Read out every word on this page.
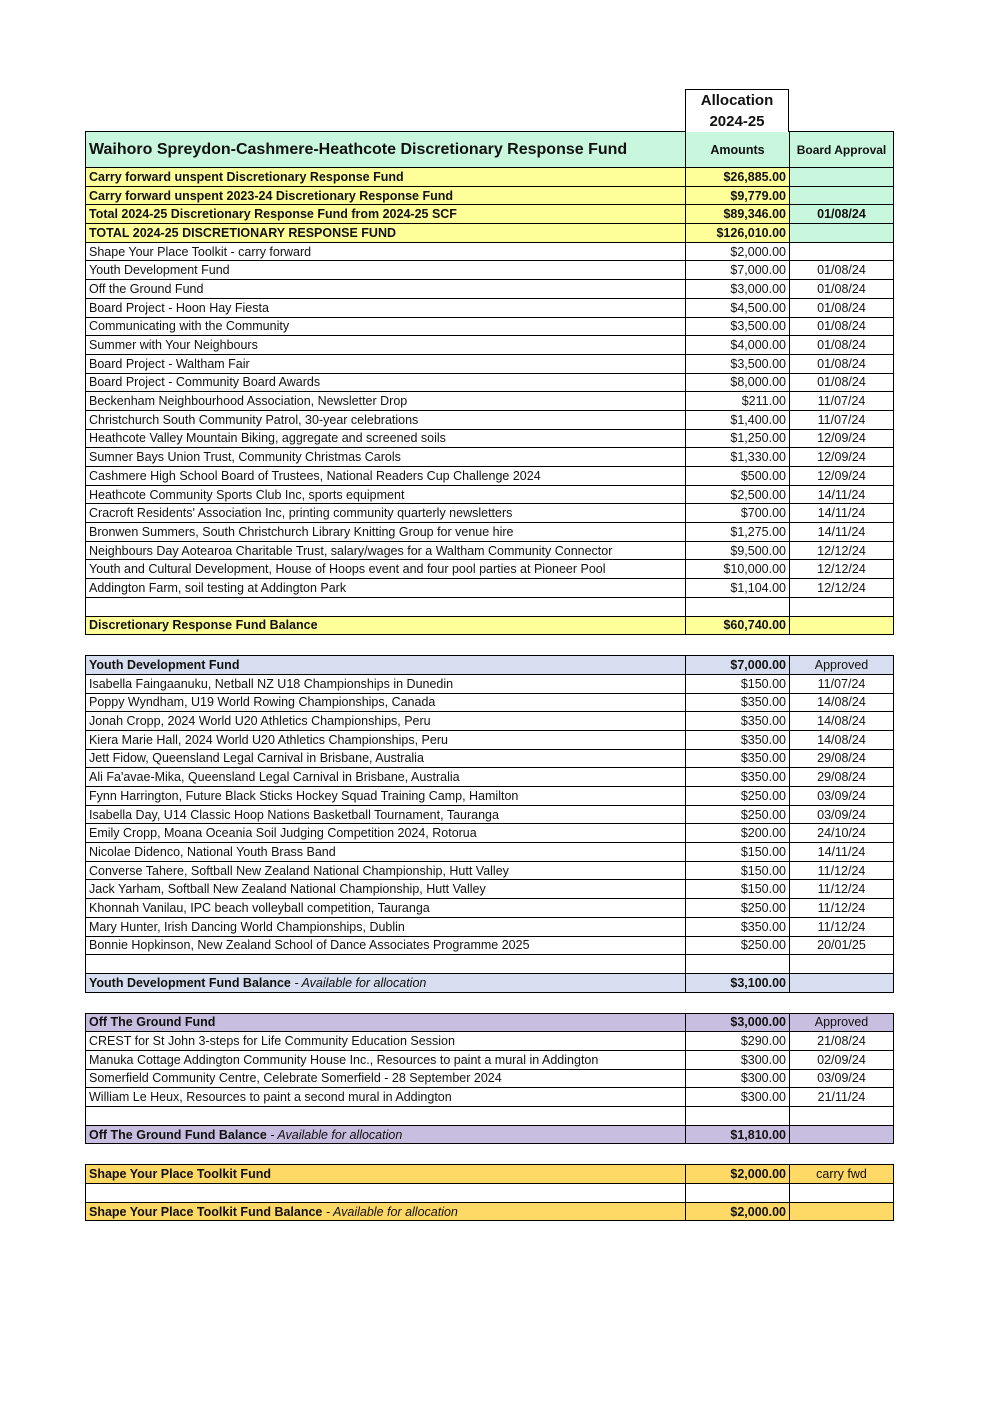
Allocation
2024-25
Waihoro Spreydon-Cashmere-Heathcote Discretionary Response Fund	Amounts	Board Approval
Carry forward unspent Discretionary Response Fund	$26,885.00	
Carry forward unspent 2023-24 Discretionary Response Fund	$9,779.00	
Total 2024-25 Discretionary Response Fund from 2024-25 SCF	$89,346.00	01/08/24
TOTAL 2024-25 DISCRETIONARY RESPONSE FUND	$126,010.00	
Shape Your Place Toolkit - carry forward	$2,000.00	
Youth Development Fund	$7,000.00	01/08/24
Off the Ground Fund	$3,000.00	01/08/24
Board Project - Hoon Hay Fiesta	$4,500.00	01/08/24
Communicating with the Community	$3,500.00	01/08/24
Summer with Your Neighbours	$4,000.00	01/08/24
Board Project - Waltham Fair	$3,500.00	01/08/24
Board Project - Community Board Awards	$8,000.00	01/08/24
Beckenham Neighbourhood Association, Newsletter Drop	$211.00	11/07/24
Christchurch South Community Patrol, 30-year celebrations	$1,400.00	11/07/24
Heathcote Valley Mountain Biking, aggregate and screened soils	$1,250.00	12/09/24
Sumner Bays Union Trust, Community Christmas Carols	$1,330.00	12/09/24
Cashmere High School Board of Trustees, National Readers Cup Challenge 2024	$500.00	12/09/24
Heathcote Community Sports Club Inc, sports equipment	$2,500.00	14/11/24
Cracroft Residents' Association Inc, printing community quarterly newsletters	$700.00	14/11/24
Bronwen Summers, South Christchurch Library Knitting Group for venue hire	$1,275.00	14/11/24
Neighbours Day Aotearoa Charitable Trust, salary/wages for a Waltham Community Connector	$9,500.00	12/12/24
Youth and Cultural Development, House of Hoops event and four pool parties at Pioneer Pool	$10,000.00	12/12/24
Addington Farm, soil testing at Addington Park	$1,104.00	12/12/24

Discretionary Response Fund Balance	$60,740.00	
Youth Development Fund	$7,000.00	Approved
Isabella Faingaanuku, Netball NZ U18 Championships in Dunedin	$150.00	11/07/24
Poppy Wyndham, U19 World Rowing Championships, Canada	$350.00	14/08/24
Jonah Cropp, 2024 World U20 Athletics Championships, Peru	$350.00	14/08/24
Kiera Marie Hall, 2024 World U20 Athletics Championships, Peru	$350.00	14/08/24
Jett Fidow, Queensland Legal Carnival in Brisbane, Australia	$350.00	29/08/24
Ali Fa'avae-Mika, Queensland Legal Carnival in Brisbane, Australia	$350.00	29/08/24
Fynn Harrington, Future Black Sticks Hockey Squad Training Camp, Hamilton	$250.00	03/09/24
Isabella Day, U14 Classic Hoop Nations Basketball Tournament, Tauranga	$250.00	03/09/24
Emily Cropp, Moana Oceania Soil Judging Competition 2024, Rotorua	$200.00	24/10/24
Nicolae Didenco, National Youth Brass Band	$150.00	14/11/24
Converse Tahere, Softball New Zealand National Championship, Hutt Valley	$150.00	11/12/24
Jack Yarham, Softball New Zealand National Championship, Hutt Valley	$150.00	11/12/24
Khonnah Vanilau, IPC beach volleyball competition, Tauranga	$250.00	11/12/24
Mary Hunter, Irish Dancing World Championships, Dublin	$350.00	11/12/24
Bonnie Hopkinson, New Zealand School of Dance Associates Programme 2025	$250.00	20/01/25

Youth Development Fund Balance - Available for allocation	$3,100.00	
Off The Ground Fund	$3,000.00	Approved
CREST for St John 3-steps for Life Community Education Session	$290.00	21/08/24
Manuka Cottage Addington Community House Inc., Resources to paint a mural in Addington	$300.00	02/09/24
Somerfield Community Centre, Celebrate Somerfield - 28 September 2024	$300.00	03/09/24
William Le Heux, Resources to paint a second mural in Addington	$300.00	21/11/24

Off The Ground Fund Balance - Available for allocation	$1,810.00	
Shape Your Place Toolkit Fund	$2,000.00	carry fwd

Shape Your Place Toolkit Fund Balance - Available for allocation	$2,000.00	
